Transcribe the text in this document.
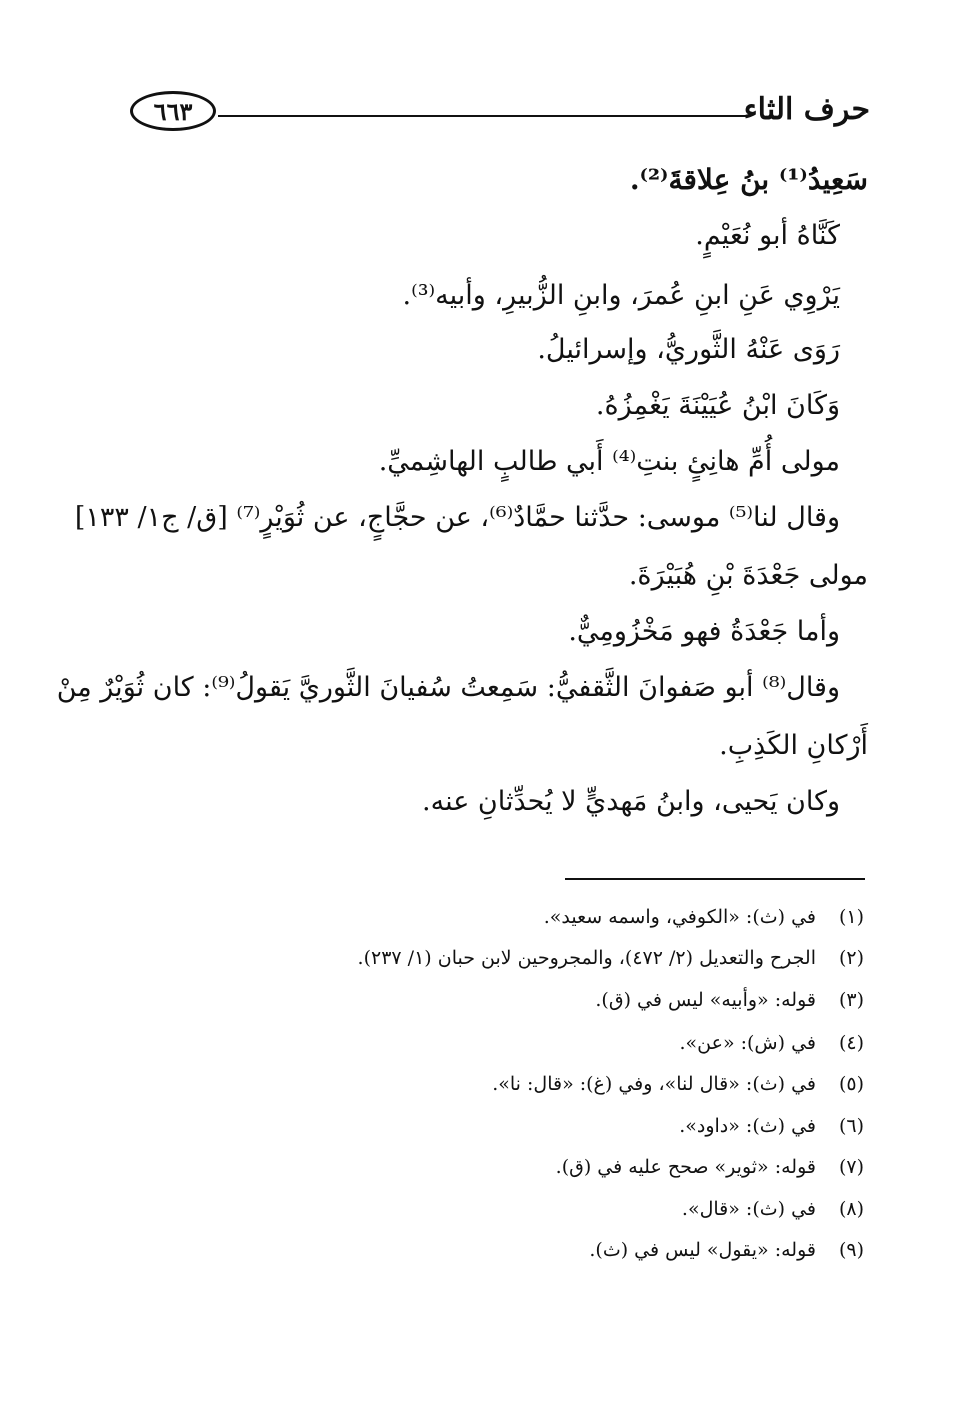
حرف الثاء
٦٦٣
سَعِيدُ⁽¹⁾ بنُ عِلاقةَ⁽²⁾.
كَنَّاهُ أبو نُعَيْمٍ.
يَرْوِي عَنِ ابنِ عُمرَ، وابنِ الزُّبيرِ، وأبيه⁽³⁾.
رَوَى عَنْهُ الثَّوريُّ، وإسرائيلُ.
وَكَانَ ابْنُ عُيَيْنَةَ يَغْمِزُهُ.
مولى أُمِّ هانِئٍ بنتِ⁽⁴⁾ أَبي طالبٍ الهاشِميِّ.
وقال لنا⁽⁵⁾ موسى: حدَّثنا حمَّادٌ⁽⁶⁾، عن حجَّاجٍ، عن ثُوَيْرٍ⁽⁷⁾ [ق/ ج١/ ١٣٣]
مولى جَعْدَةَ بْنِ هُبَيْرَةَ.
وأما جَعْدَةُ فهو مَخْزُومِيٌّ.
وقال⁽⁸⁾ أبو صَفوانَ الثَّقفيُّ: سَمِعتُ سُفيانَ الثَّوريَّ يَقولُ⁽⁹⁾: كان ثُوَيْرٌ مِنْ
أَرْكانِ الكَذِبِ.
وكان يَحيى، وابنُ مَهديٍّ لا يُحدِّثانِ عنه.
(١)
في (ث): «الكوفي، واسمه سعيد».
(٢)
الجرح والتعديل (٢/ ٤٧٢)، والمجروحين لابن حبان (١/ ٢٣٧).
(٣)
قوله: «وأبيه» ليس في (ق).
(٤)
في (ش): «عن».
(٥)
في (ث): «قال لنا»، وفي (غ): «قال: نا».
(٦)
في (ث): «داود».
(٧)
قوله: «ثوير» صحح عليه في (ق).
(٨)
في (ث): «قال».
(٩)
قوله: «يقول» ليس في (ث).
